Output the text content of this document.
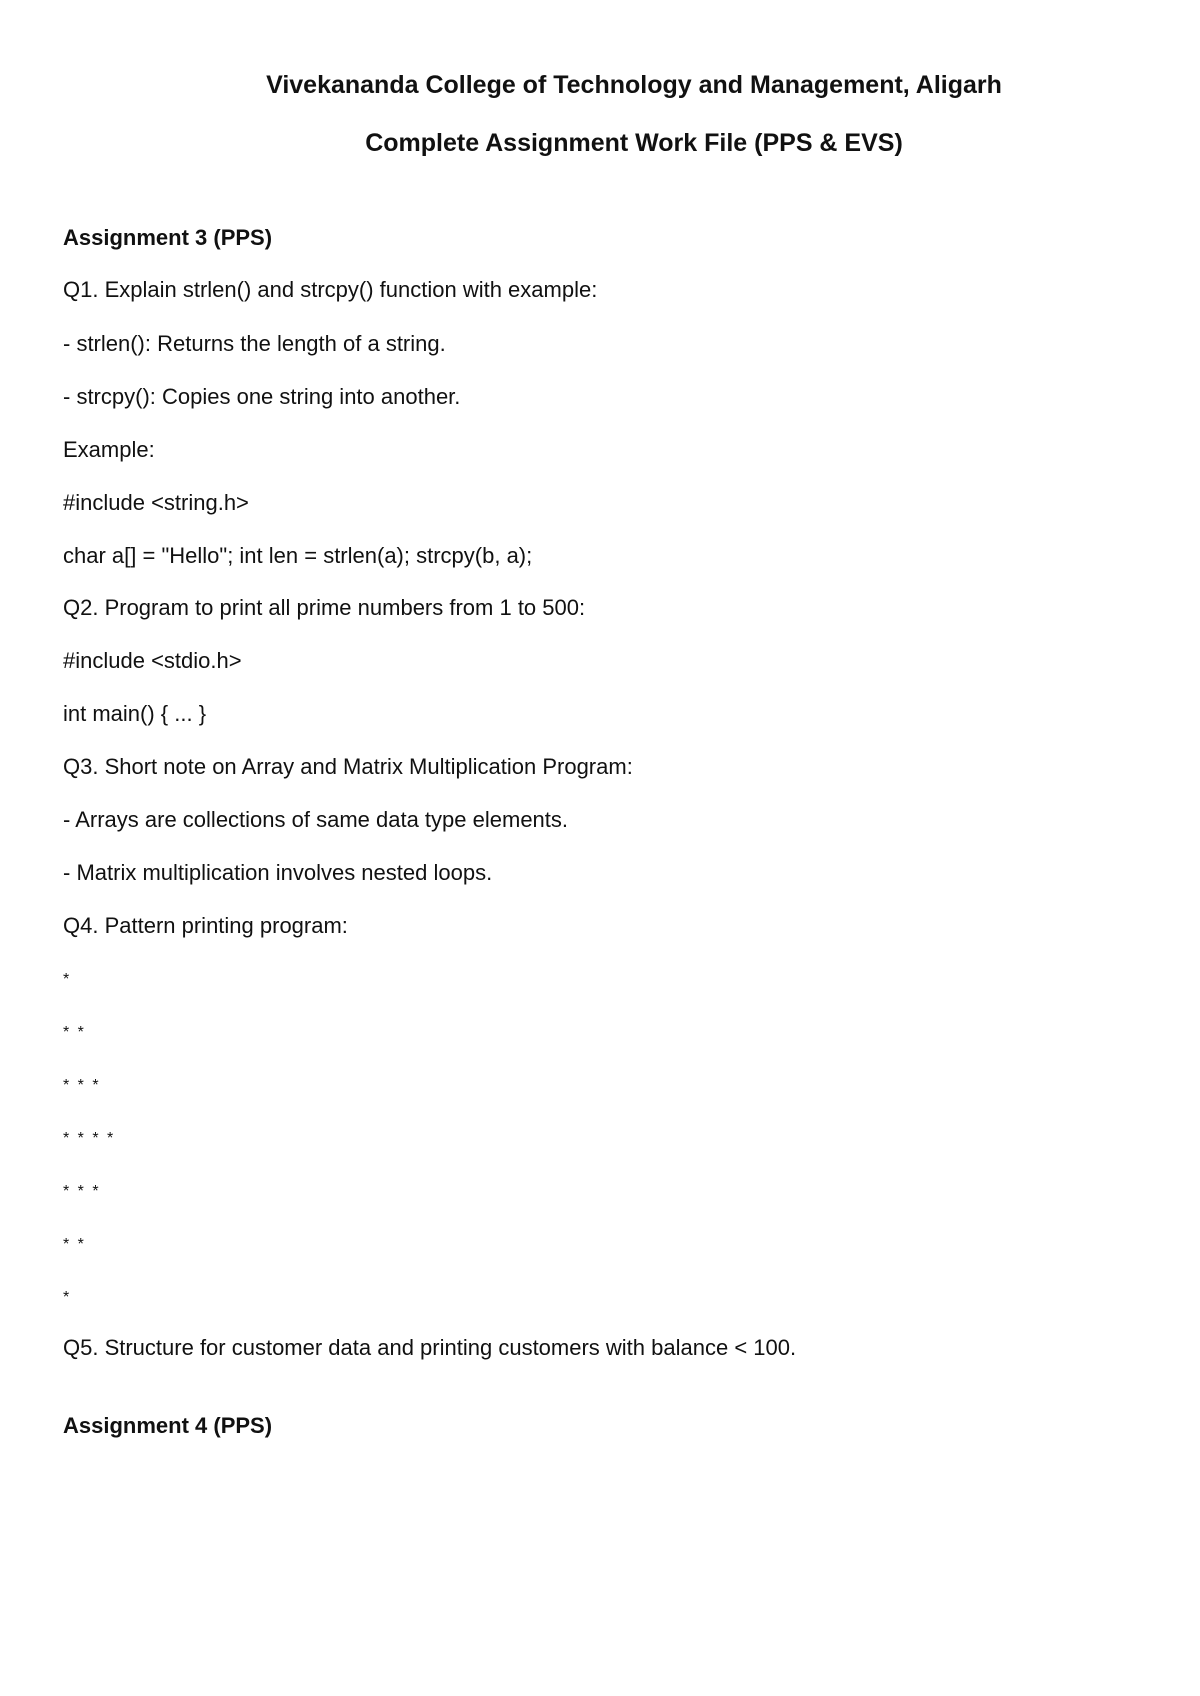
Vivekananda College of Technology and Management, Aligarh
Complete Assignment Work File (PPS & EVS)

Assignment 3 (PPS)

Q1. Explain strlen() and strcpy() function with example:

- strlen(): Returns the length of a string.

- strcpy(): Copies one string into another.

Example:

#include <string.h>

char a[] = "Hello"; int len = strlen(a); strcpy(b, a);

Q2. Program to print all prime numbers from 1 to 500:

#include <stdio.h>

int main() { ... }

Q3. Short note on Array and Matrix Multiplication Program:

- Arrays are collections of same data type elements.

- Matrix multiplication involves nested loops.

Q4. Pattern printing program:

*

* *

* * *

* * * *

* * *

* *

*

Q5. Structure for customer data and printing customers with balance < 100.

Assignment 4 (PPS)
